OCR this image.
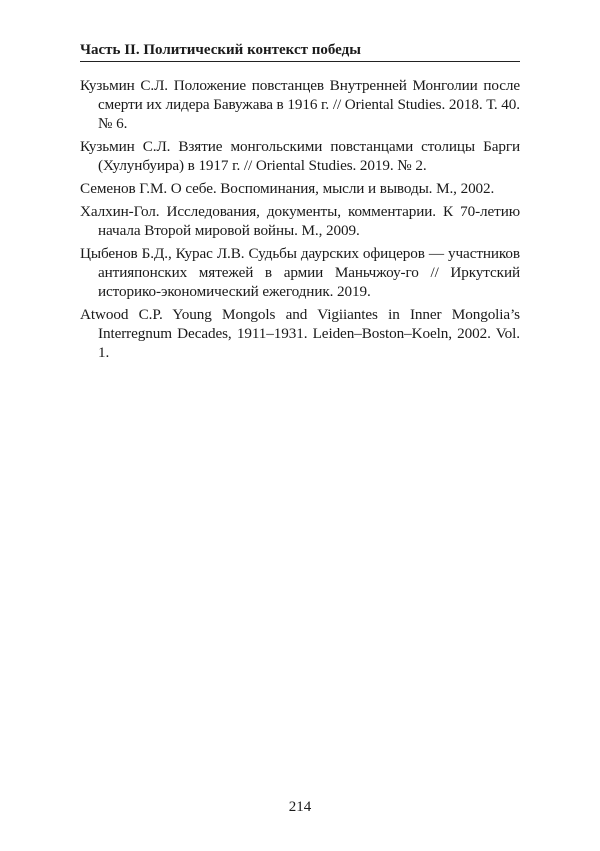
Часть II. Политический контекст победы
Кузьмин С.Л. Положение повстанцев Внутренней Монголии после смерти их лидера Бавужава в 1916 г. // Oriental Studies. 2018. Т. 40. № 6.
Кузьмин С.Л. Взятие монгольскими повстанцами столицы Барги (Хулунбуира) в 1917 г. // Oriental Studies. 2019. № 2.
Семенов Г.М. О себе. Воспоминания, мысли и выводы. М., 2002.
Халхин-Гол. Исследования, документы, комментарии. К 70-летию начала Второй мировой войны. М., 2009.
Цыбенов Б.Д., Курас Л.В. Судьбы даурских офицеров — участников антияпонских мятежей в армии Маньчжоу-го // Иркутский историко-экономический ежегодник. 2019.
Atwood C.P. Young Mongols and Vigiiantes in Inner Mongolia’s Interregnum Decades, 1911–1931. Leiden–Boston–Koeln, 2002. Vol. 1.
214
